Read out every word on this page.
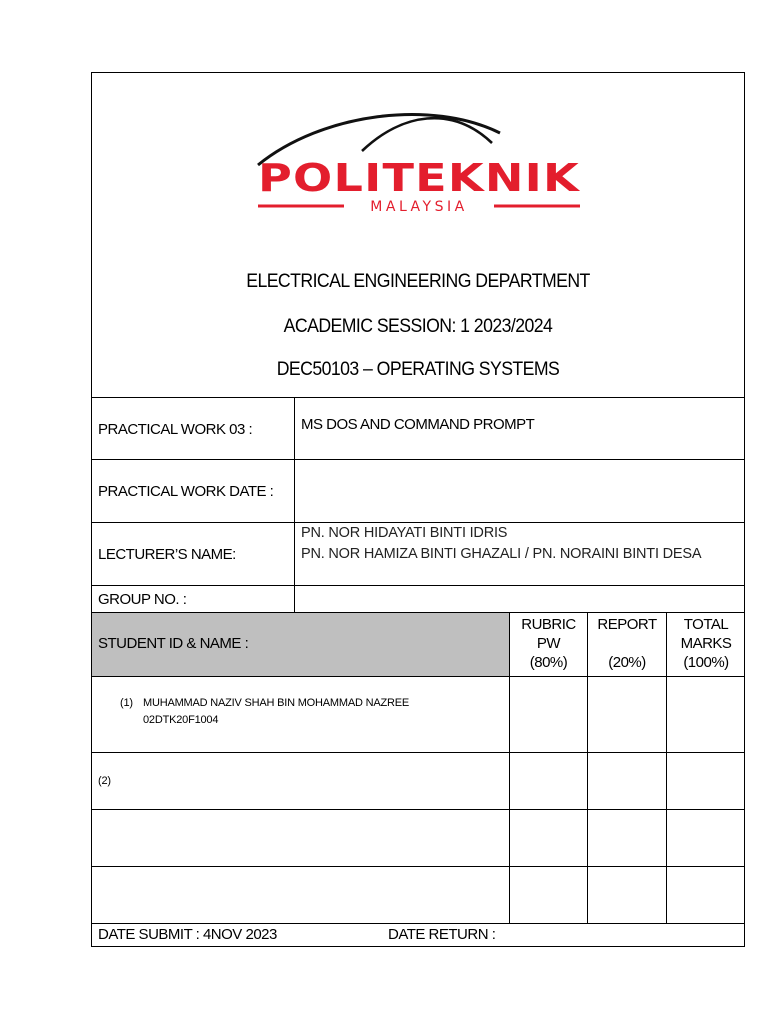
POLITEKNIK
MALAYSIA
ELECTRICAL ENGINEERING DEPARTMENT
ACADEMIC SESSION: 1 2023/2024
DEC50103 – OPERATING SYSTEMS
PRACTICAL WORK 03 :	MS DOS AND COMMAND PROMPT
PRACTICAL WORK DATE :
LECTURER’S NAME:
PN. NOR HIDAYATI BINTI IDRIS
PN. NOR HAMIZA BINTI GHAZALI / PN. NORAINI BINTI DESA
GROUP NO. :
STUDENT ID & NAME :
RUBRIC
PW
(80%)
REPORT
(20%)
TOTAL
MARKS
(100%)
(1) MUHAMMAD NAZIV SHAH BIN MOHAMMAD NAZREE
02DTK20F1004
(2)
DATE SUBMIT : 4NOV 2023	DATE RETURN :
